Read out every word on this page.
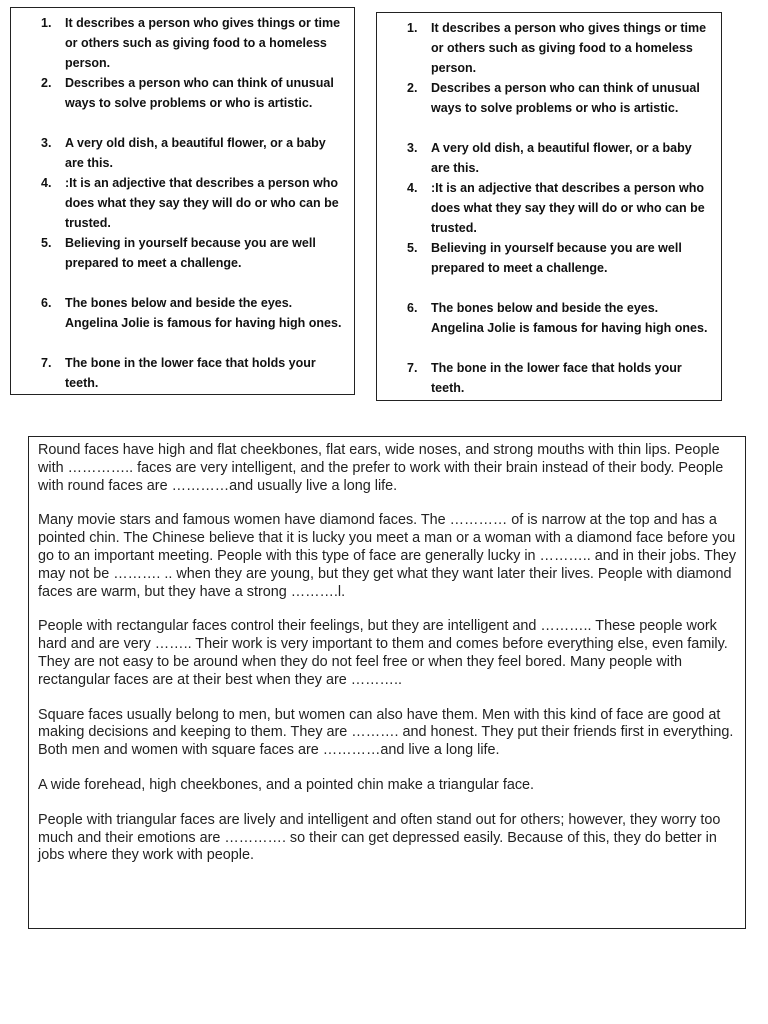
1.	It describes a person who gives things or time or others such as giving food to a homeless person.
2.	Describes a person who can think of unusual ways to solve problems or who is artistic.
3.	A very old dish, a beautiful flower, or a baby are this.
4.	:It is an adjective that describes a person who does what they say they will do or who can be trusted.
5.	Believing in yourself because you are well prepared to meet a challenge.
6.	The bones below and beside the eyes. Angelina Jolie is famous for having high ones.
7.	The bone in the lower face that holds your teeth.
1.	It describes a person who gives things or time or others such as giving food to a homeless person.
2.	Describes a person who can think of unusual ways to solve problems or who is artistic.
3.	A very old dish, a beautiful flower, or a baby are this.
4.	:It is an adjective that describes a person who does what they say they will do or who can be trusted.
5.	Believing in yourself because you are well prepared to meet a challenge.
6.	The bones below and beside the eyes. Angelina Jolie is famous for having high ones.
7.	The bone in the lower face that holds your teeth.

Round faces have high and flat cheekbones, flat ears, wide noses, and strong mouths with thin lips. People with ………….. faces are very intelligent, and the prefer to work with their brain instead of their body. People with round faces are …………and usually live a long life.

Many movie stars and famous women have diamond faces. The ………… of is narrow at the top and has a pointed chin. The Chinese believe that it is lucky you meet a man or a woman with a diamond face before you go to an important meeting. People with this type of face are generally lucky in ……….. and in their jobs. They may not be ………. .. when they are young, but they get what they want later their lives. People with diamond faces are warm, but they have a strong ……….l.

People with rectangular faces control their feelings, but they are intelligent and ……….. These people work hard and are very …….. Their work is very important to them and comes before everything else, even family. They are not easy to be around when they do not feel free or when they feel bored. Many people with rectangular faces are at their best when they are ………..

Square faces usually belong to men, but women can also have them. Men with this kind of face are good at making decisions and keeping to them. They are ………. and honest. They put their friends first in everything. Both men and women with square faces are …………and live a long life.

A wide forehead, high cheekbones, and a pointed chin make a triangular face.

People with triangular faces are lively and intelligent and often stand out for others; however, they worry too much and their emotions are …………. so their can get depressed easily. Because of this, they do better in jobs where they work with people.
